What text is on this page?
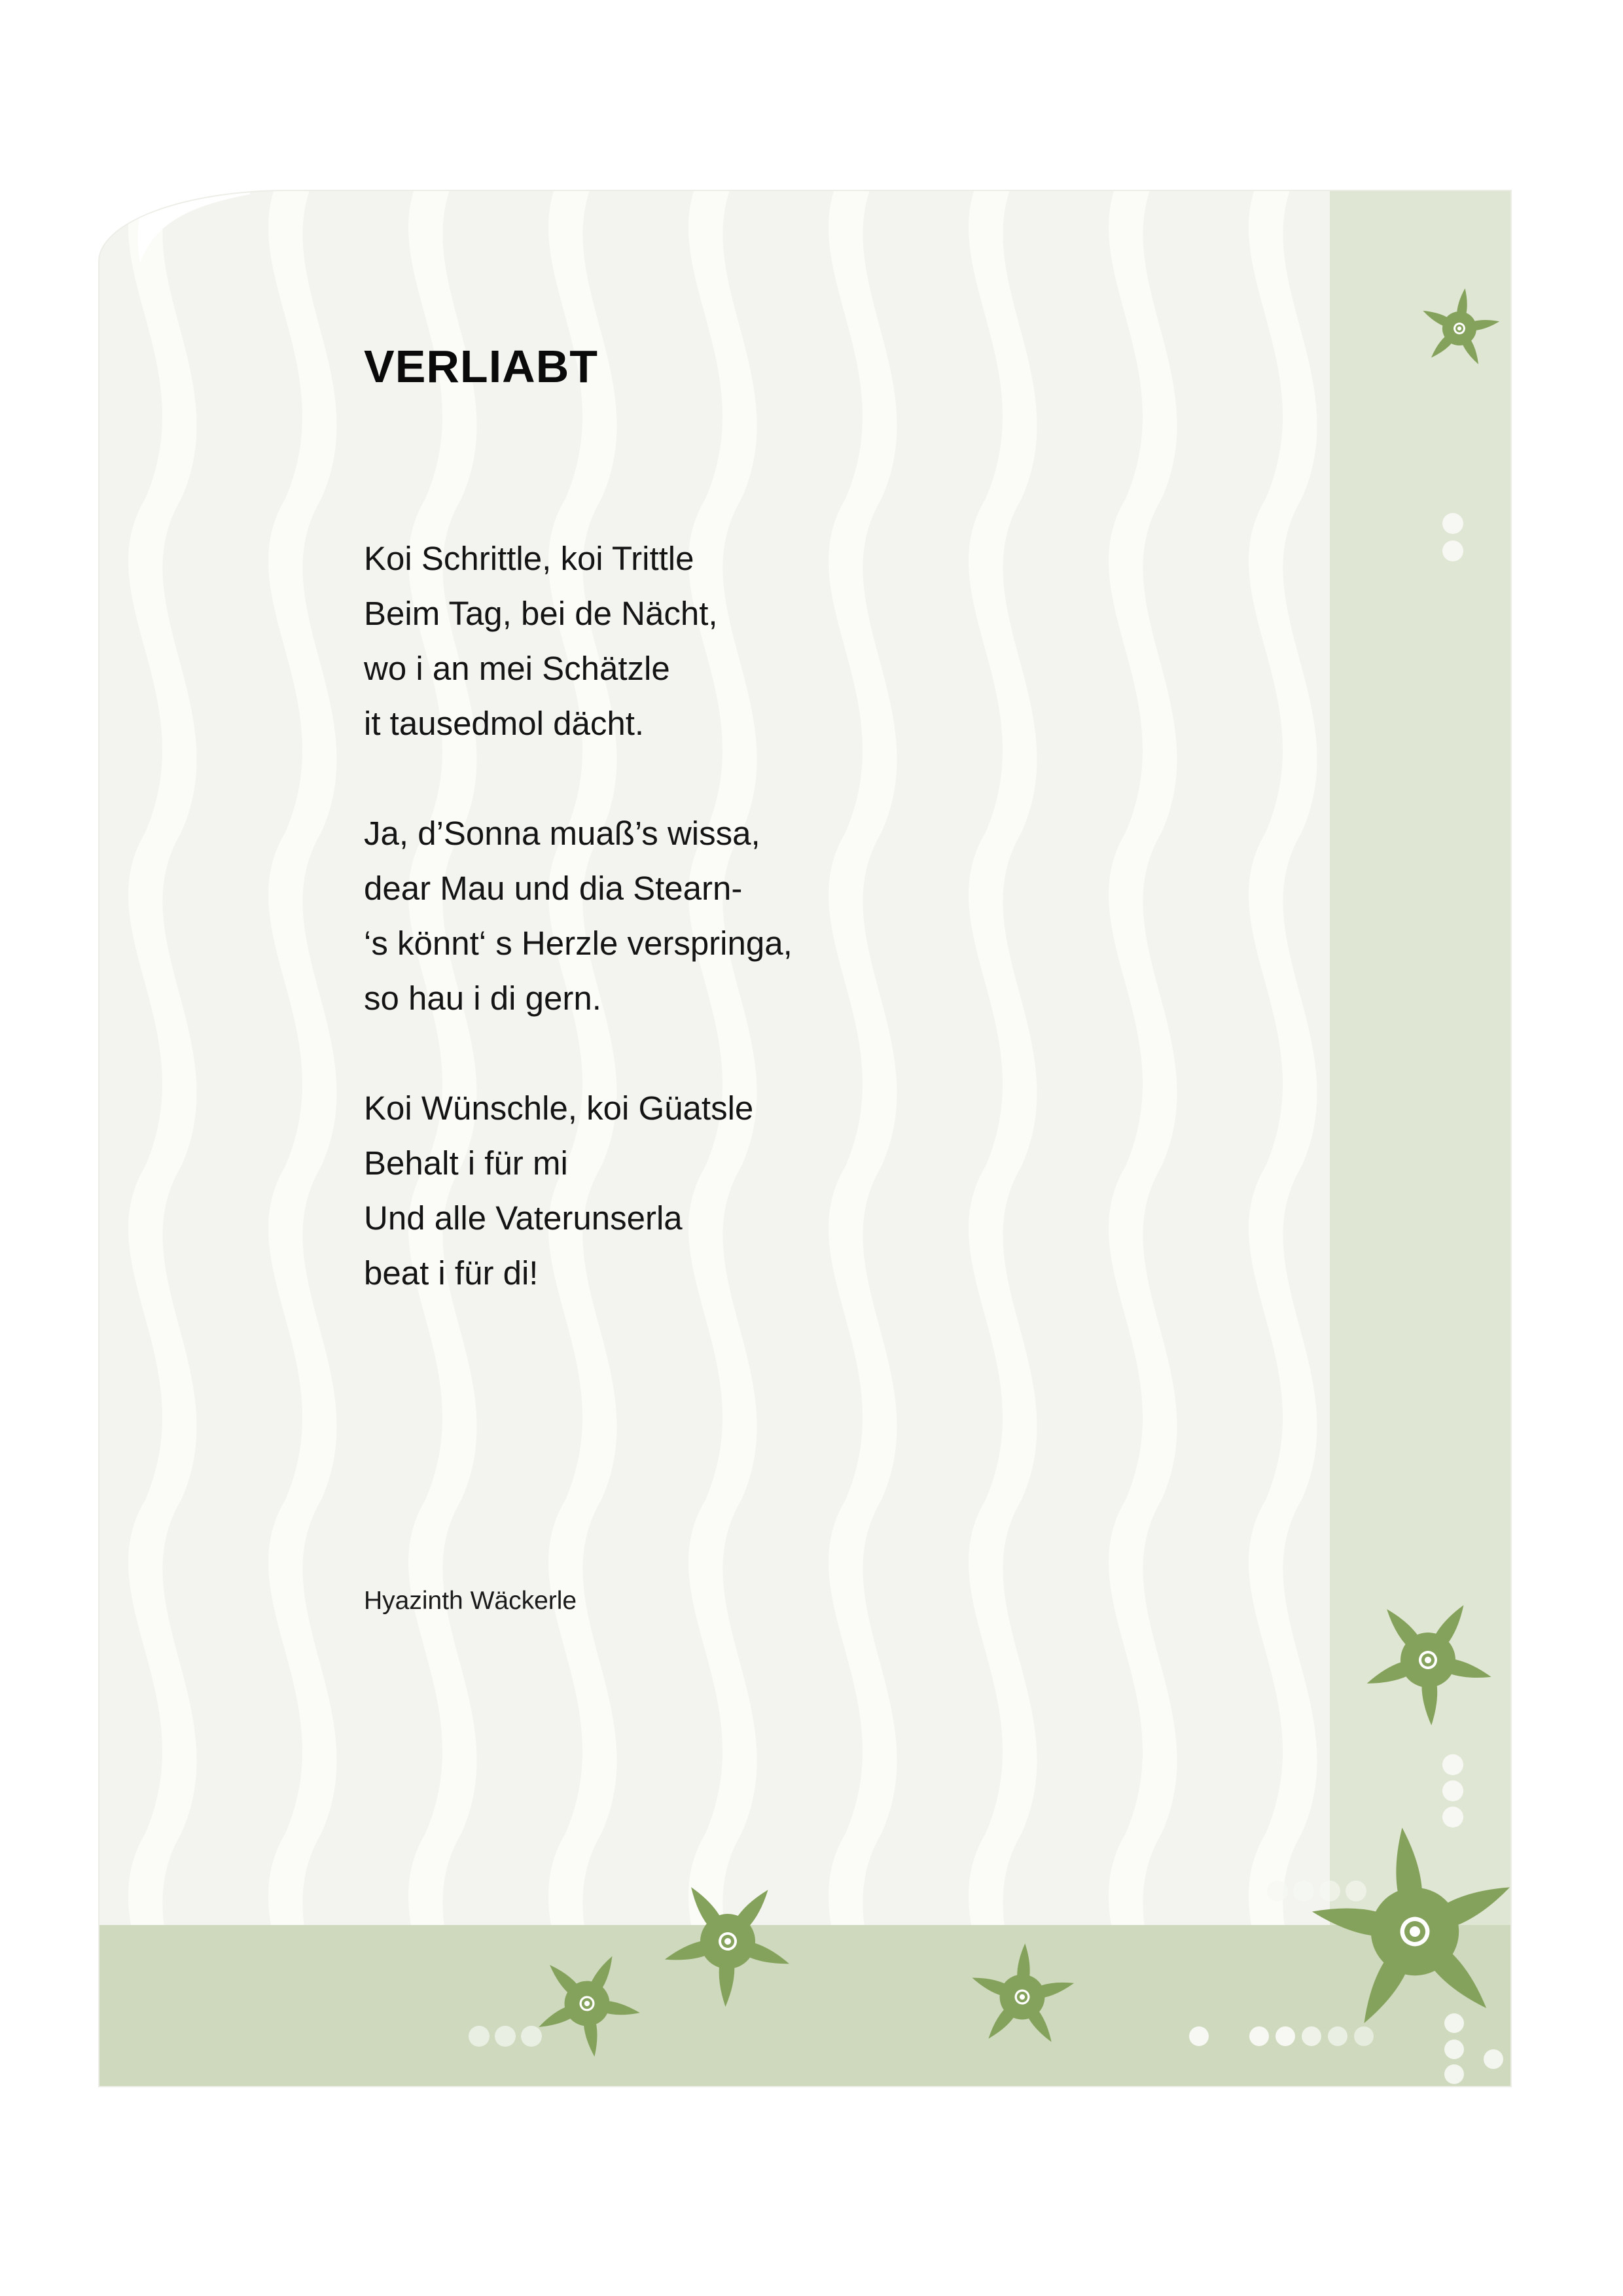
VERLIABT
Koi Schrittle, koi Trittle
Beim Tag, bei de Nächt,
wo i an mei Schätzle
it tausedmol dächt.
Ja, d’Sonna muaß’s wissa,
dear Mau und dia Stearn-
‘s könnt‘ s Herzle verspringa,
so hau i di gern.
Koi Wünschle, koi Güatsle
Behalt i für mi
Und alle Vaterunserla
beat i für di!
Hyazinth Wäckerle
